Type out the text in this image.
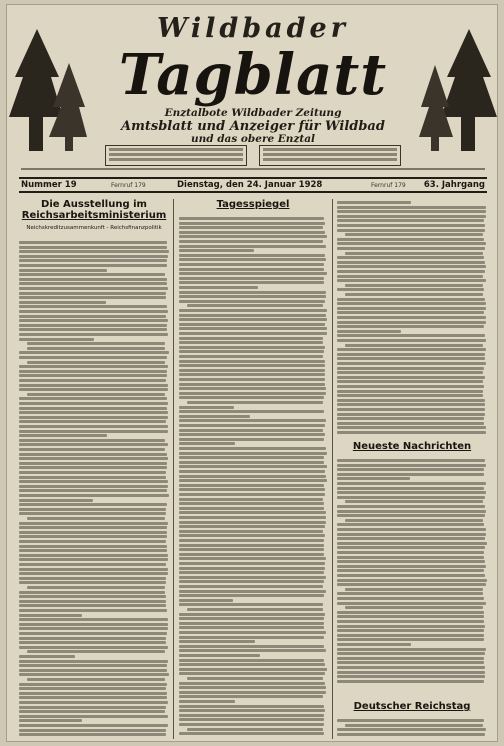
Wildbader
Tagblatt
Enztalbote Wildbader Zeitung
Amtsblatt und Anzeiger für Wildbad
und das obere Enztal
Nummer 19	Fernruf 179	Dienstag, den 24. Januar 1928	Fernruf 179 63. Jahrgang
Die Ausstellung im
Reichsarbeitsministerium
Neichskreditzusammenkunft - Reichsfinanzpolitik
Tagesspiegel
Neueste Nachrichten
Deutscher Reichstag
